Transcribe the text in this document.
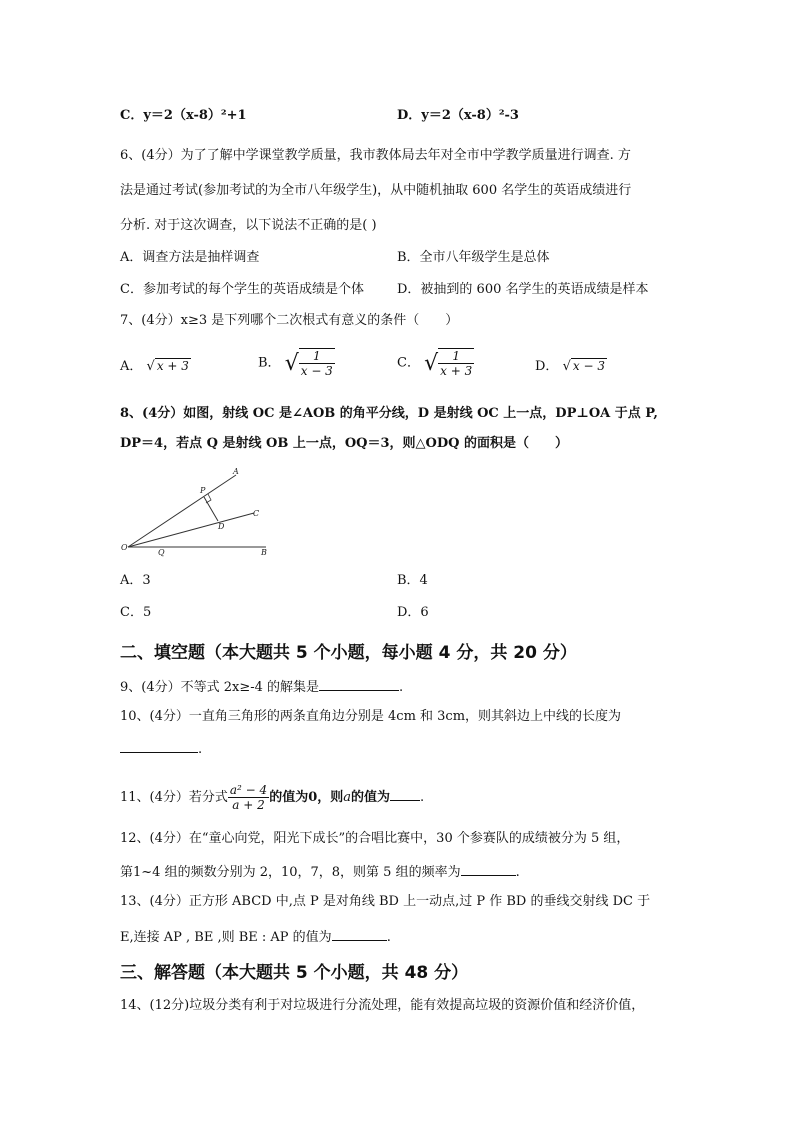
C．y＝2（x-8）²+1	D．y＝2（x-8）²-3
6、(4分）为了了解中学课堂教学质量，我市教体局去年对全市中学教学质量进行调查. 方
法是通过考试(参加考试的为全市八年级学生)，从中随机抽取 600 名学生的英语成绩进行
分析. 对于这次调查，以下说法不正确的是( )
A．调查方法是抽样调查	B．全市八年级学生是总体
C．参加考试的每个学生的英语成绩是个体	D．被抽到的 600 名学生的英语成绩是样本
7、(4分）x≥3 是下列哪个二次根式有意义的条件（　　）
A． √ x + 3	B． √ $\frac{1}{x - 3}$	C． √ $\frac{1}{x + 3}$	D． √ x − 3
8、(4分）如图，射线 OC 是∠AOB 的角平分线，D 是射线 OC 上一点，DP⊥OA 于点 P,
DP＝4，若点 Q 是射线 OB 上一点，OQ＝3，则△ODQ 的面积是（　　）
A
P
C
D
O
Q	B
A．3	B．4
C．5	D．6
二、填空题（本大题共 5 个小题，每小题 4 分，共 20 分）
9、(4分）不等式 2x≥-4 的解集是	.
10、(4分）一直角三角形的两条直角边分别是 4cm 和 3cm，则其斜边上中线的长度为
.
11、(4分）若分式 $\frac{\text{a² − 4}}{a + 2}$ 的值为0，则a的值为 .
12、(4分）在“童心向党，阳光下成长”的合唱比赛中，30 个参赛队的成绩被分为 5 组，
第1~4 组的频数分别为 2，10，7，8，则第 5 组的频率为	.
13、(4分）正方形 ABCD 中,点 P 是对角线 BD 上一动点,过 P 作 BD 的垂线交射线 DC 于
E,连接 AP , BE ,则 BE : AP 的值为	.
三、解答题（本大题共 5 个小题，共 48 分）
14、(12分)垃圾分类有利于对垃圾进行分流处理，能有效提高垃圾的资源价值和经济价值，
